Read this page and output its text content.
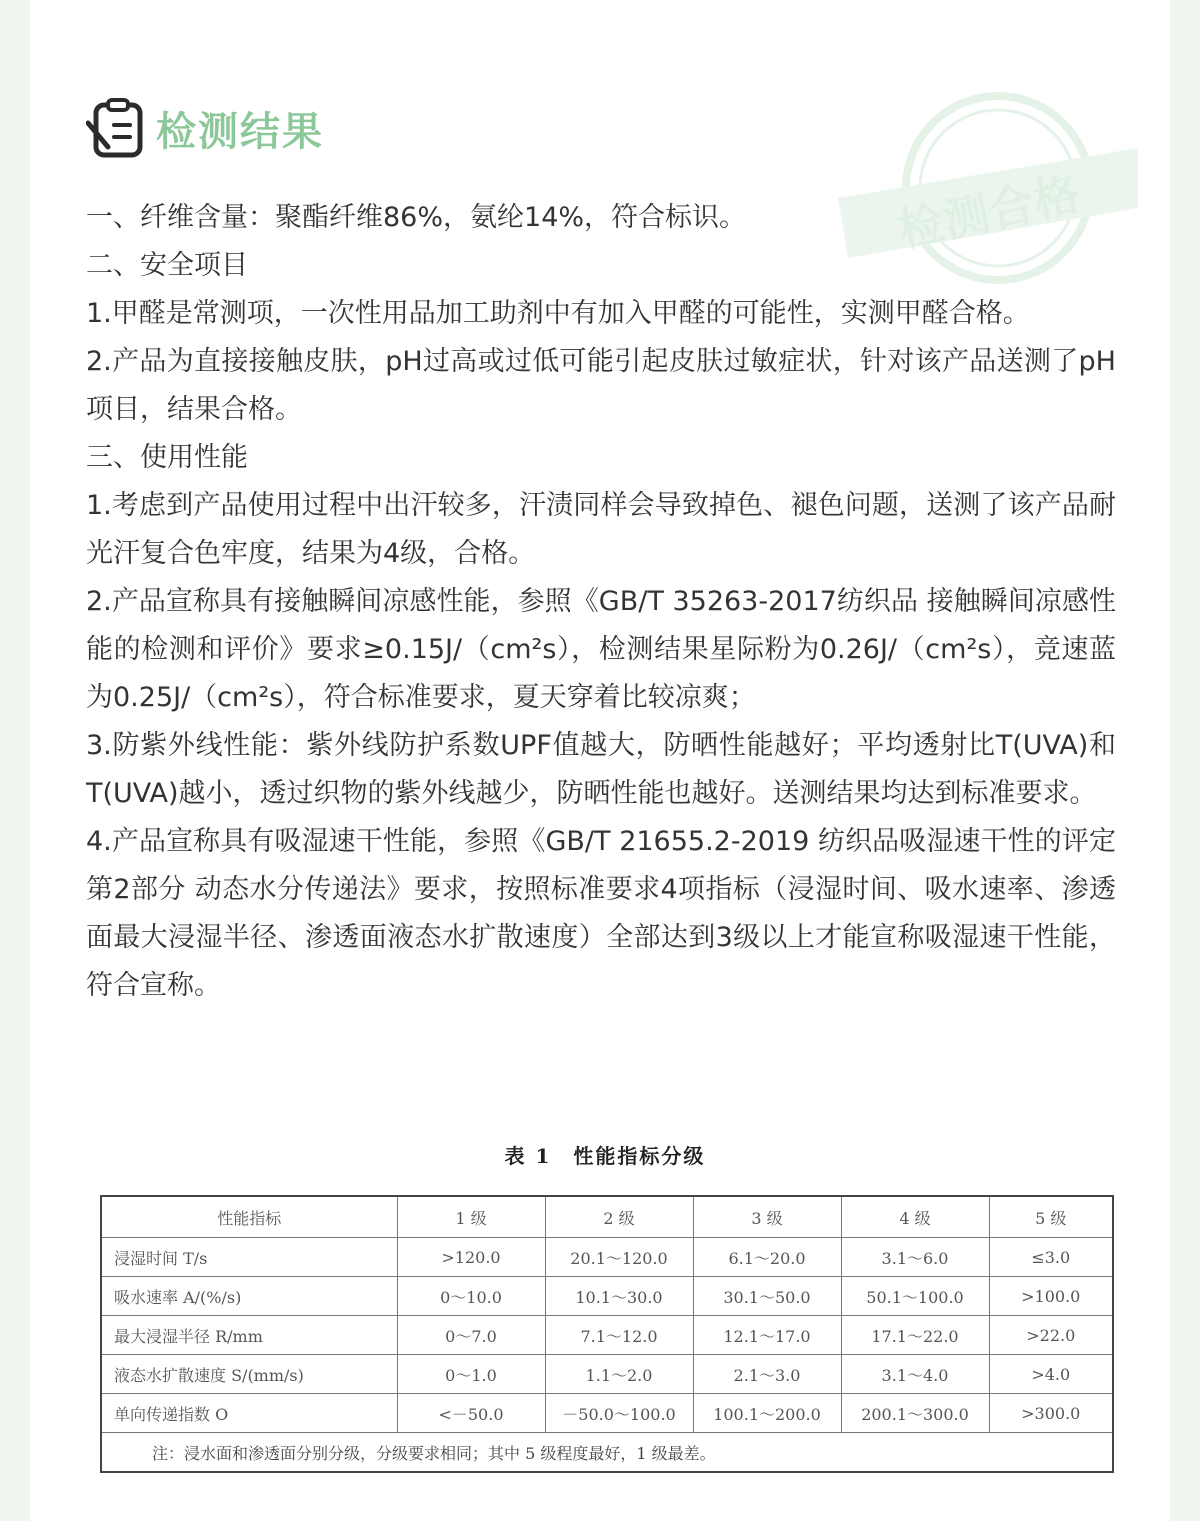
检测合格
检测结果

一、纤维含量：聚酯纤维86%，氨纶14%，符合标识。

二、安全项目

1.甲醛是常测项，一次性用品加工助剂中有加入甲醛的可能性，实测甲醛合格。

2.产品为直接接触皮肤，pH过高或过低可能引起皮肤过敏症状，针对该产品送测了pH项目，结果合格。

三、使用性能

1.考虑到产品使用过程中出汗较多，汗渍同样会导致掉色、褪色问题，送测了该产品耐光汗复合色牢度，结果为4级，合格。

2.产品宣称具有接触瞬间凉感性能，参照《GB/T 35263-2017纺织品 接触瞬间凉感性能的检测和评价》要求≥0.15J/（cm²s），检测结果星际粉为0.26J/（cm²s），竞速蓝为0.25J/（cm²s），符合标准要求，夏天穿着比较凉爽；

3.防紫外线性能：紫外线防护系数UPF值越大，防晒性能越好；平均透射比T(UVA)和T(UVA)越小，透过织物的紫外线越少，防晒性能也越好。送测结果均达到标准要求。

4.产品宣称具有吸湿速干性能，参照《GB/T 21655.2-2019 纺织品吸湿速干性的评定第2部分 动态水分传递法》要求，按照标准要求4项指标（浸湿时间、吸水速率、渗透面最大浸湿半径、渗透面液态水扩散速度）全部达到3级以上才能宣称吸湿速干性能，符合宣称。

表 1　性能指标分级
性能指标	1 级	2 级	3 级	4 级	5 级
浸湿时间 T/s	>120.0	20.1～120.0	6.1～20.0	3.1～6.0	≤3.0
吸水速率 A/(%/s)	0～10.0	10.1～30.0	30.1～50.0	50.1～100.0	>100.0
最大浸湿半径 R/mm	0～7.0	7.1～12.0	12.1～17.0	17.1～22.0	>22.0
液态水扩散速度 S/(mm/s)	0～1.0	1.1～2.0	2.1～3.0	3.1～4.0	>4.0
单向传递指数 O	<－50.0	－50.0～100.0	100.1～200.0	200.1～300.0	>300.0
注：浸水面和渗透面分别分级，分级要求相同；其中 5 级程度最好，1 级最差。					
